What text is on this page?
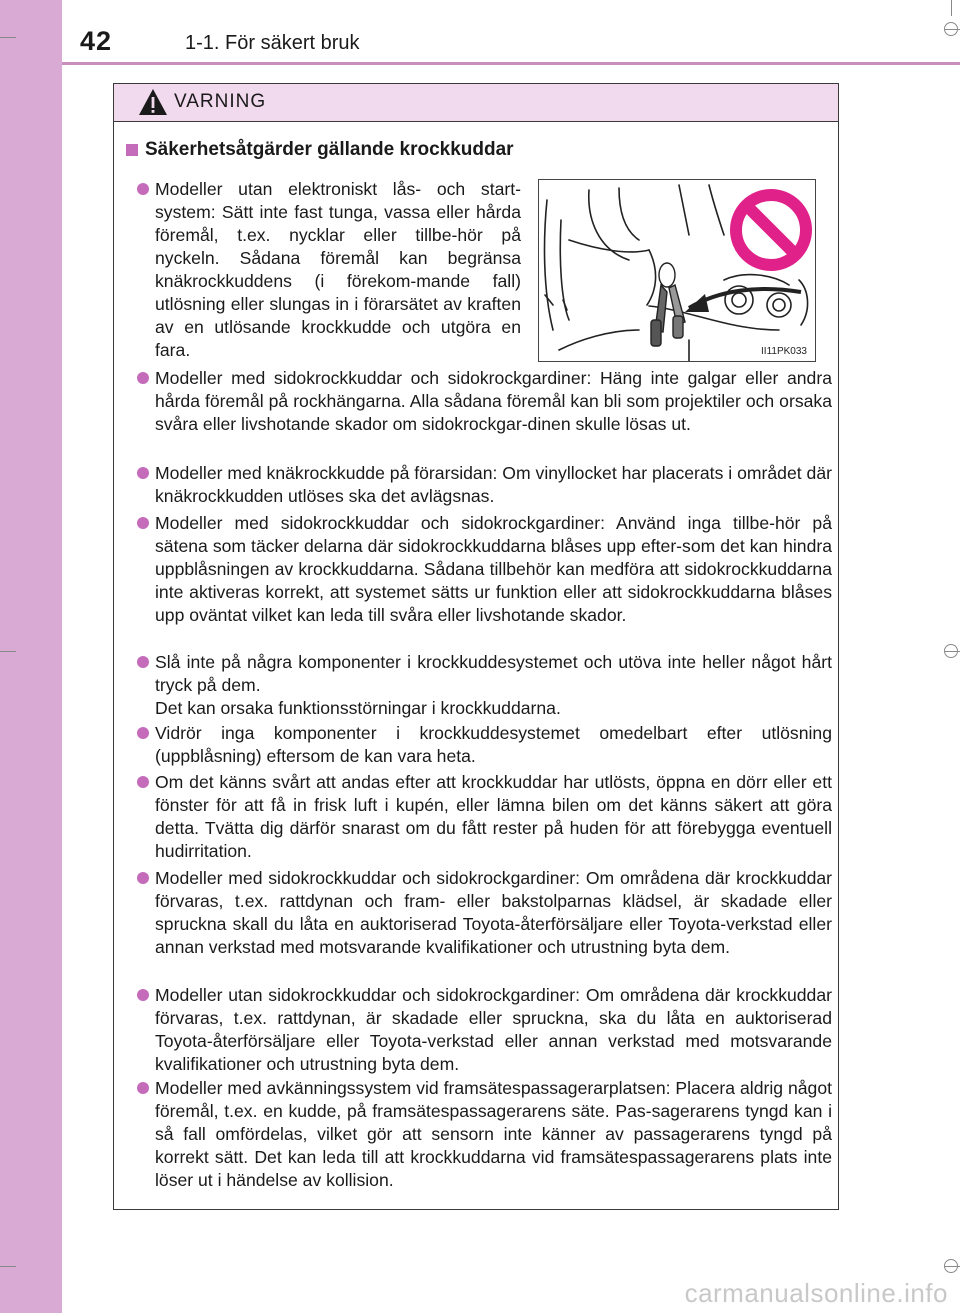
42	1-1. För säkert bruk
VARNING
Säkerhetsåtgärder gällande krockkuddar
Modeller utan elektroniskt lås- och start-system: Sätt inte fast tunga, vassa eller hårda föremål, t.ex. nycklar eller tillbe-hör på nyckeln. Sådana föremål kan begränsa knäkrockkuddens (i förekom-mande fall) utlösning eller slungas in i förarsätet av kraften av en utlösande krockkudde och utgöra en fara.	II11PK033
Modeller med sidokrockkuddar och sidokrockgardiner: Häng inte galgar eller andra hårda föremål på rockhängarna. Alla sådana föremål kan bli som projektiler och orsaka svåra eller livshotande skador om sidokrockgar-dinen skulle lösas ut.
Modeller med knäkrockkudde på förarsidan: Om vinyllocket har placerats i området där knäkrockkudden utlöses ska det avlägsnas.
Modeller med sidokrockkuddar och sidokrockgardiner: Använd inga tillbe-hör på sätena som täcker delarna där sidokrockkuddarna blåses upp efter-som det kan hindra uppblåsningen av krockkuddarna. Sådana tillbehör kan medföra att sidokrockkuddarna inte aktiveras korrekt, att systemet sätts ur funktion eller att sidokrockkuddarna blåses upp oväntat vilket kan leda till svåra eller livshotande skador.
Slå inte på några komponenter i krockkuddesystemet och utöva inte heller något hårt tryck på dem.
Det kan orsaka funktionsstörningar i krockkuddarna.
Vidrör inga komponenter i krockkuddesystemet omedelbart efter utlösning (uppblåsning) eftersom de kan vara heta.
Om det känns svårt att andas efter att krockkuddar har utlösts, öppna en dörr eller ett fönster för att få in frisk luft i kupén, eller lämna bilen om det känns säkert att göra detta. Tvätta dig därför snarast om du fått rester på huden för att förebygga eventuell hudirritation.
Modeller med sidokrockkuddar och sidokrockgardiner: Om områdena där krockkuddar förvaras, t.ex. rattdynan och fram- eller bakstolparnas klädsel, är skadade eller spruckna skall du låta en auktoriserad Toyota-återförsäljare eller Toyota-verkstad eller annan verkstad med motsvarande kvalifikationer och utrustning byta dem.
Modeller utan sidokrockkuddar och sidokrockgardiner: Om områdena där krockkuddar förvaras, t.ex. rattdynan, är skadade eller spruckna, ska du låta en auktoriserad Toyota-återförsäljare eller Toyota-verkstad eller annan verkstad med motsvarande kvalifikationer och utrustning byta dem.
Modeller med avkänningssystem vid framsätespassagerarplatsen: Placera aldrig något föremål, t.ex. en kudde, på framsätespassagerarens säte. Pas-sagerarens tyngd kan i så fall omfördelas, vilket gör att sensorn inte känner av passagerarens tyngd på korrekt sätt. Det kan leda till att krockkuddarna vid framsätespassagerarens plats inte löser ut i händelse av kollision.
carmanualsonline.info
